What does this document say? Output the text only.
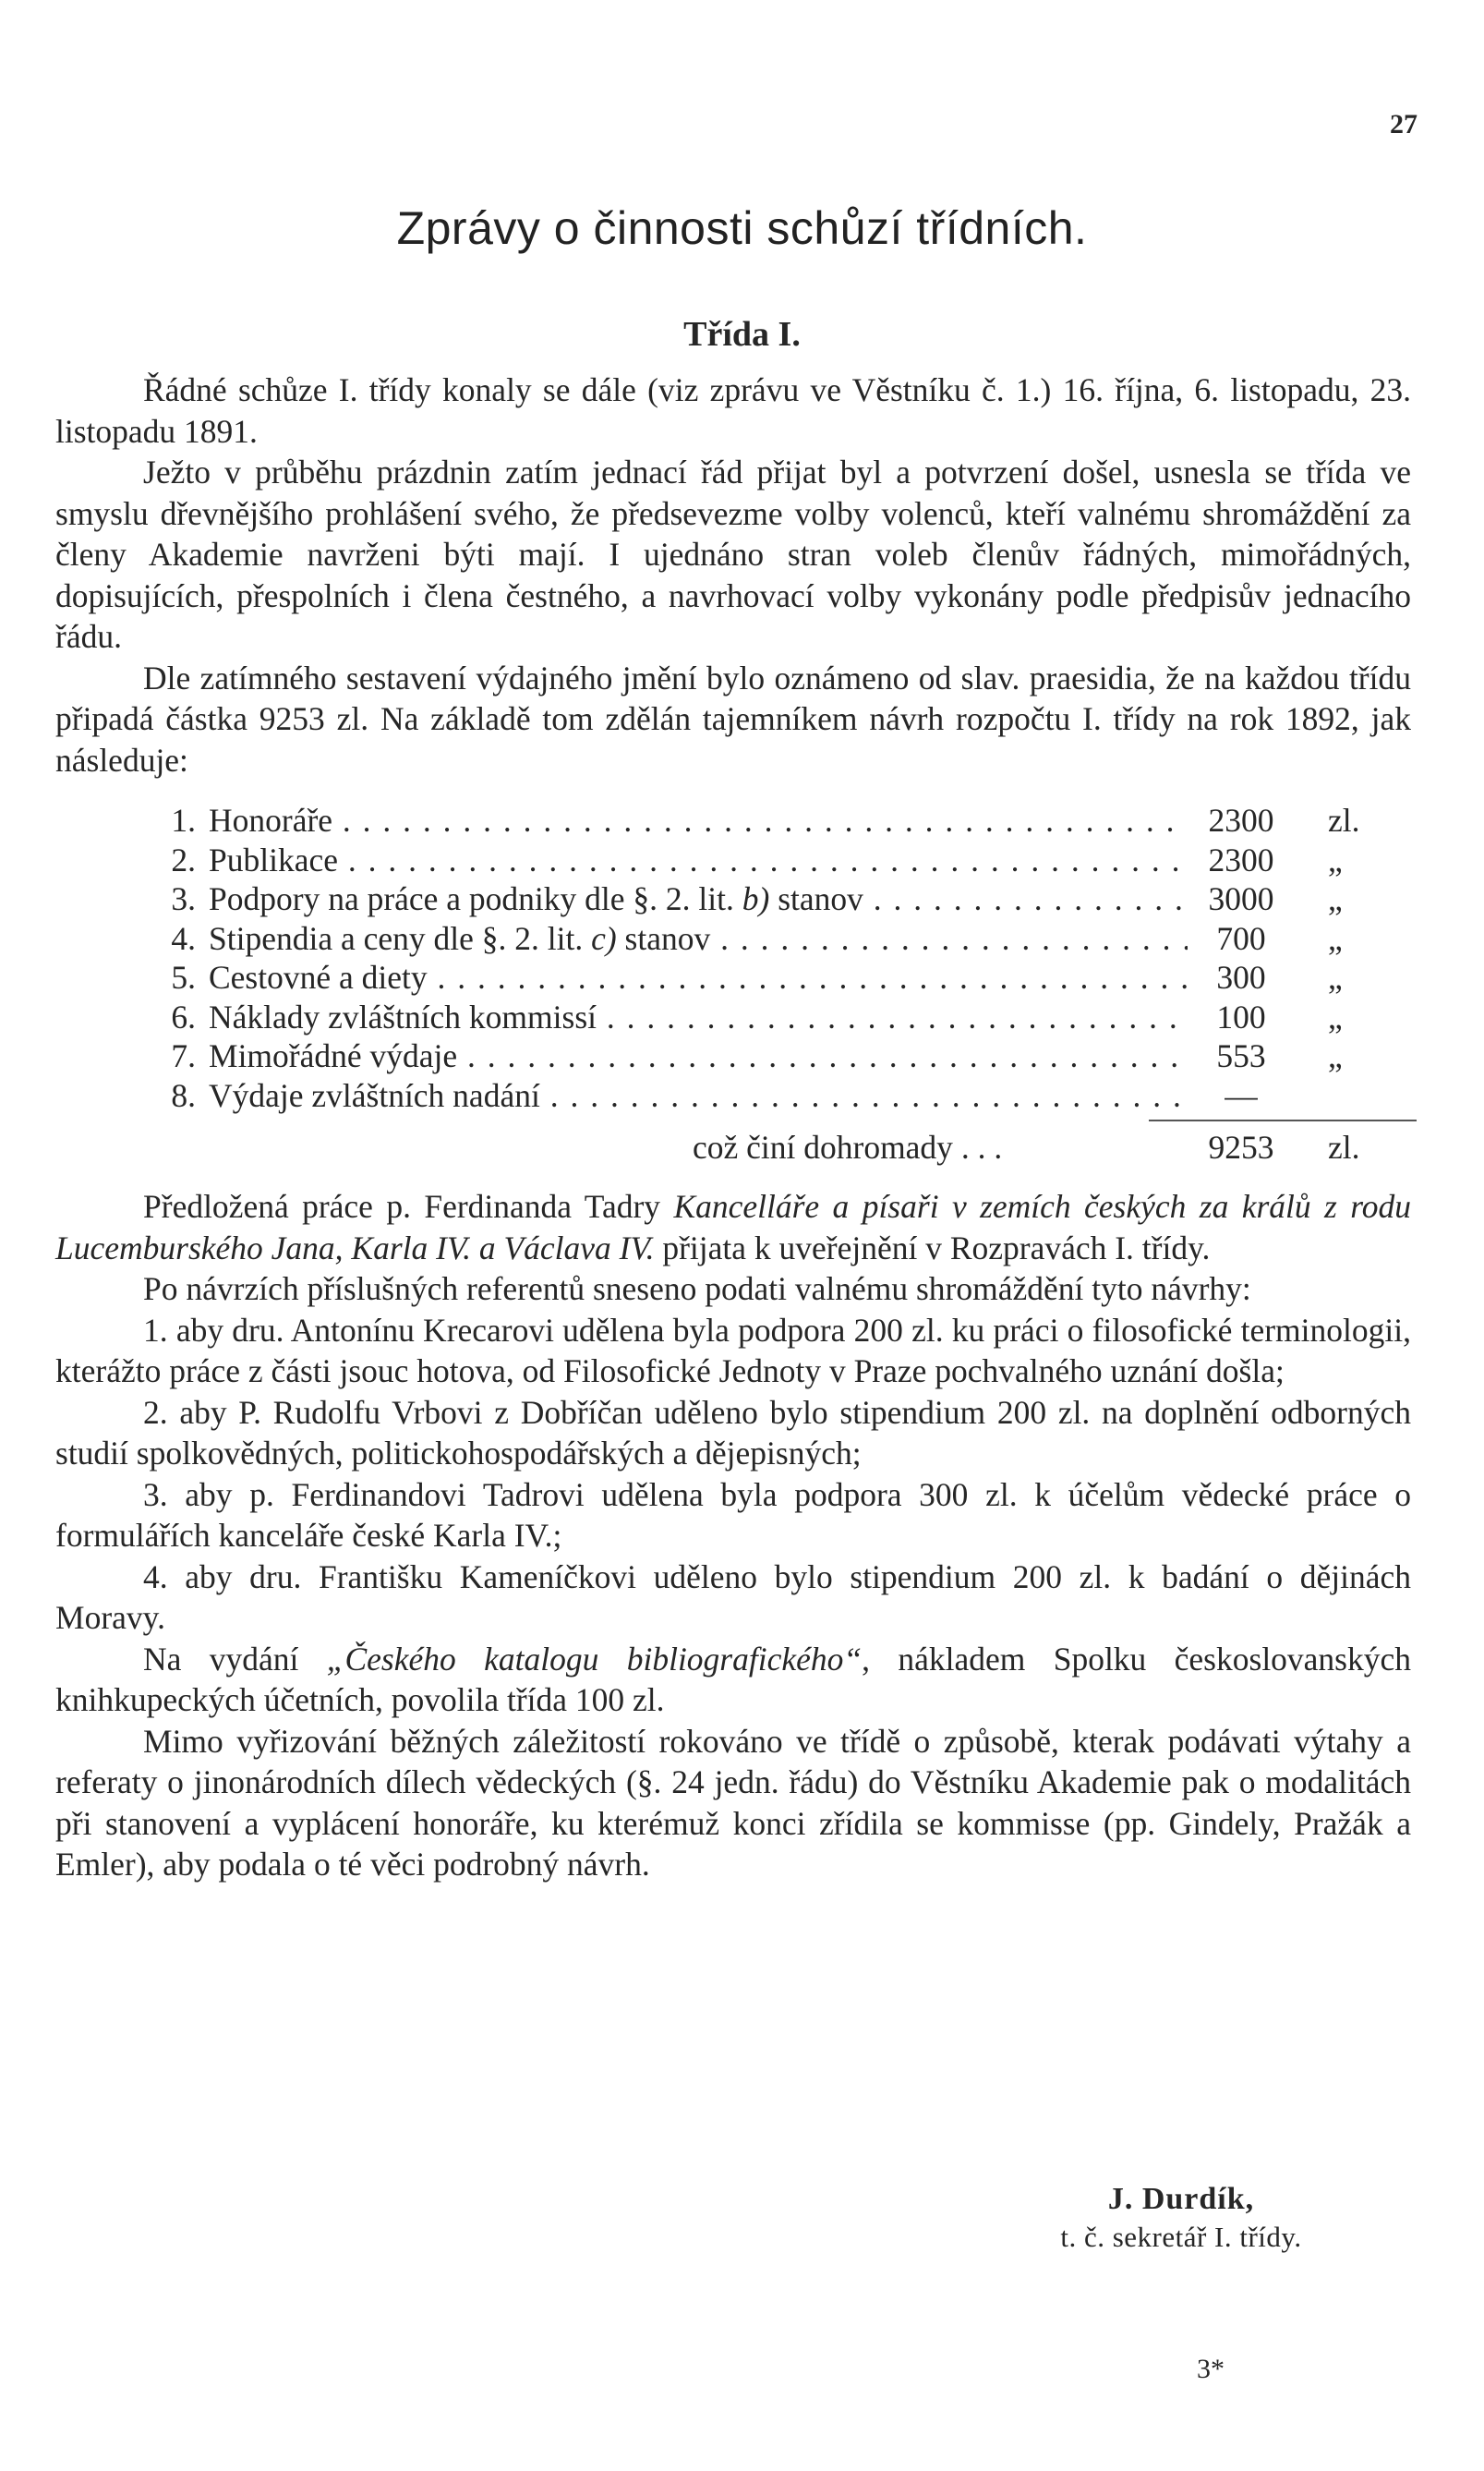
27
Zprávy o činnosti schůzí třídních.
Třída I.

Řádné schůze I. třídy konaly se dále (viz zprávu ve Věstníku č. 1.) 16. října, 6. listopadu, 23. listopadu 1891.

Ježto v průběhu prázdnin zatím jednací řád přijat byl a potvrzení došel, usnesla se třída ve smyslu dřevnějšího prohlášení svého, že předsevezme volby volenců, kteří valnému shromáždění za členy Akademie navrženi býti mají. I ujednáno stran voleb členův řádných, mimořádných, dopisujících, přespolních i člena čestného, a navrhovací volby vykonány podle předpisův jednacího řádu.

Dle zatímného sestavení výdajného jmění bylo oznámeno od slav. praesidia, že na každou třídu připadá částka 9253 zl. Na základě tom zdělán tajemníkem návrh rozpočtu I. třídy na rok 1892, jak následuje:

1. Honoráře . . .	2300	zl.
2. Publikace . . .	2300	„
3. Podpory na práce a podniky dle §. 2. lit. b) stanov . . .	3000	„
4. Stipendia a ceny dle §. 2. lit. c) stanov . . .	700	„
5. Cestovné a diety . . .	300	„
6. Náklady zvláštních kommissí . . .	100	„
7. Mimořádné výdaje . . .	553	„
8. Výdaje zvláštních nadání . . .	—
což činí dohromady . . .	9253	zl.

Předložená práce p. Ferdinanda Tadry Kancelláře a písaři v zemích českých za králů z rodu Lucemburského Jana, Karla IV. a Václava IV. přijata k uveřejnění v Rozpravách I. třídy.

Po návrzích příslušných referentů sneseno podati valnému shromáždění tyto návrhy:

1. aby dru. Antonínu Krecarovi udělena byla podpora 200 zl. ku práci o filosofické terminologii, kterážto práce z části jsouc hotova, od Filosofické Jednoty v Praze pochvalného uznání došla;

2. aby P. Rudolfu Vrbovi z Dobříčan uděleno bylo stipendium 200 zl. na doplnění odborných studií spolkovědných, politickohospodářských a dějepisných;

3. aby p. Ferdinandovi Tadrovi udělena byla podpora 300 zl. k účelům vědecké práce o formulářích kanceláře české Karla IV.;

4. aby dru. Františku Kameníčkovi uděleno bylo stipendium 200 zl. k badání o dějinách Moravy.

Na vydání „Českého katalogu bibliografického“, nákladem Spolku českoslovanských knihkupeckých účetních, povolila třída 100 zl.

Mimo vyřizování běžných záležitostí rokováno ve třídě o způsobě, kterak podávati výtahy a referaty o jinonárodních dílech vědeckých (§. 24 jedn. řádu) do Věstníku Akademie pak o modalitách při stanovení a vyplácení honoráře, ku kterémuž konci zřídila se kommisse (pp. Gindely, Pražák a Emler), aby podala o té věci podrobný návrh.

J. Durdík,
t. č. sekretář I. třídy.
3*
